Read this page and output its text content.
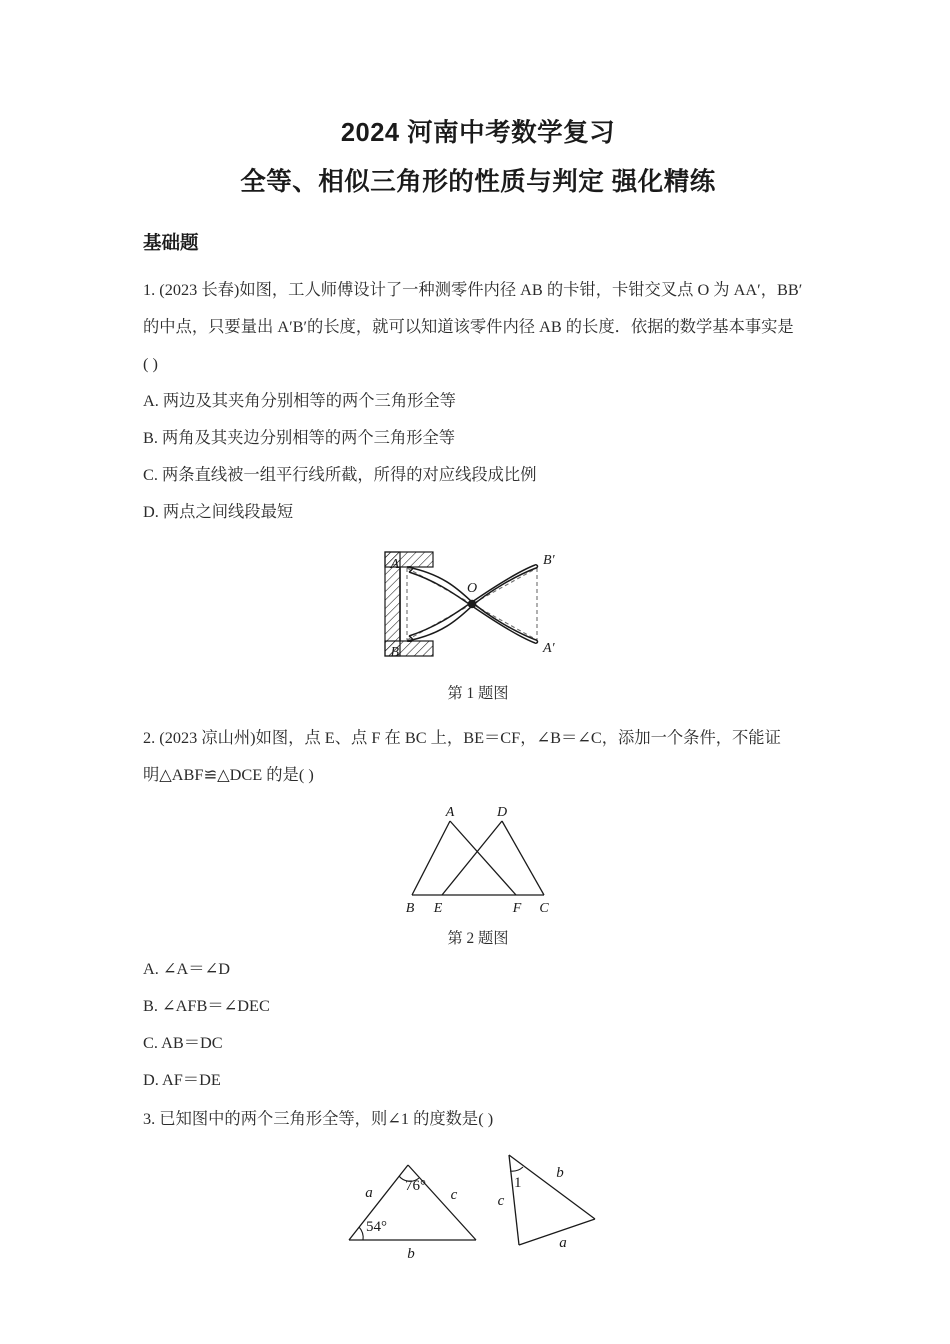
2024 河南中考数学复习
全等、相似三角形的性质与判定 强化精练
基础题
1. (2023 长春)如图，工人师傅设计了一种测零件内径 AB 的卡钳，卡钳交叉点 O 为 AA′，BB′
的中点，只要量出 A′B′的长度，就可以知道该零件内径 AB 的长度．依据的数学基本事实是
( )
A. 两边及其夹角分别相等的两个三角形全等
B. 两角及其夹边分别相等的两个三角形全等
C. 两条直线被一组平行线所截，所得的对应线段成比例
D. 两点之间线段最短
A
B
O
B′
A′
第 1 题图
2. (2023 凉山州)如图，点 E、点 F 在 BC 上，BE＝CF，∠B＝∠C，添加一个条件，不能证
明△ABF≌△DCE 的是( )
A	D
B E	F C
第 2 题图
A. ∠A＝∠D
B. ∠AFB＝∠DEC
C. AB＝DC
D. AF＝DE
3. 已知图中的两个三角形全等，则∠1 的度数是( )
76°
54°
a	c
b
1
c
b
a
